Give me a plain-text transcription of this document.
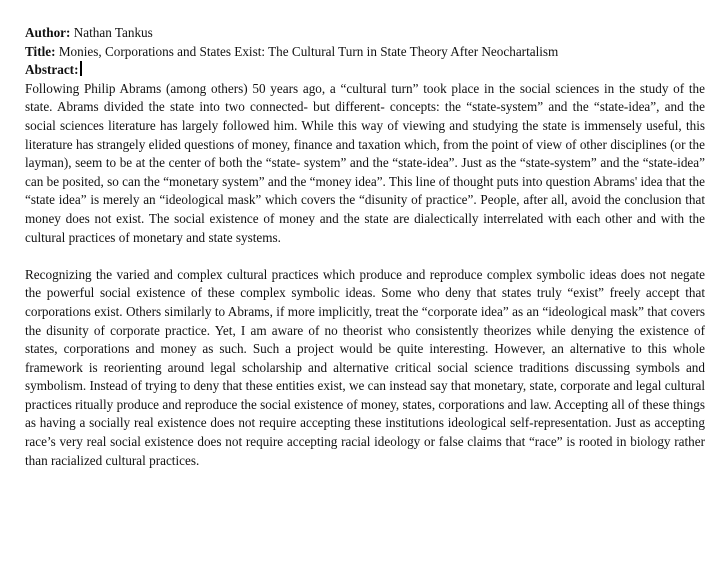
Author: Nathan Tankus
Title: Monies, Corporations and States Exist: The Cultural Turn in State Theory After Neochartalism
Abstract:

Following Philip Abrams (among others) 50 years ago, a “cultural turn” took place in the social sciences in the study of the state. Abrams divided the state into two connected- but different- concepts: the “state-system” and the “state-idea”, and the social sciences literature has largely followed him. While this way of viewing and studying the state is immensely useful, this literature has strangely elided questions of money, finance and taxation which, from the point of view of other disciplines (or the layman), seem to be at the center of both the “state- system” and the “state-idea”. Just as the “state-system” and the “state-idea” can be posited, so can the “monetary system” and the “money idea”. This line of thought puts into question Abrams' idea that the “state idea” is merely an “ideological mask” which covers the “disunity of practice”. People, after all, avoid the conclusion that money does not exist. The social existence of money and the state are dialectically interrelated with each other and with the cultural practices of monetary and state systems.

Recognizing the varied and complex cultural practices which produce and reproduce complex symbolic ideas does not negate the powerful social existence of these complex symbolic ideas. Some who deny that states truly “exist” freely accept that corporations exist. Others similarly to Abrams, if more implicitly, treat the “corporate idea” as an “ideological mask” that covers the disunity of corporate practice. Yet, I am aware of no theorist who consistently theorizes while denying the existence of states, corporations and money as such. Such a project would be quite interesting. However, an alternative to this whole framework is reorienting around legal scholarship and alternative critical social science traditions discussing symbols and symbolism. Instead of trying to deny that these entities exist, we can instead say that monetary, state, corporate and legal cultural practices ritually produce and reproduce the social existence of money, states, corporations and law. Accepting all of these things as having a socially real existence does not require accepting these institutions ideological self-representation. Just as accepting race’s very real social existence does not require accepting racial ideology or false claims that “race” is rooted in biology rather than racialized cultural practices.
